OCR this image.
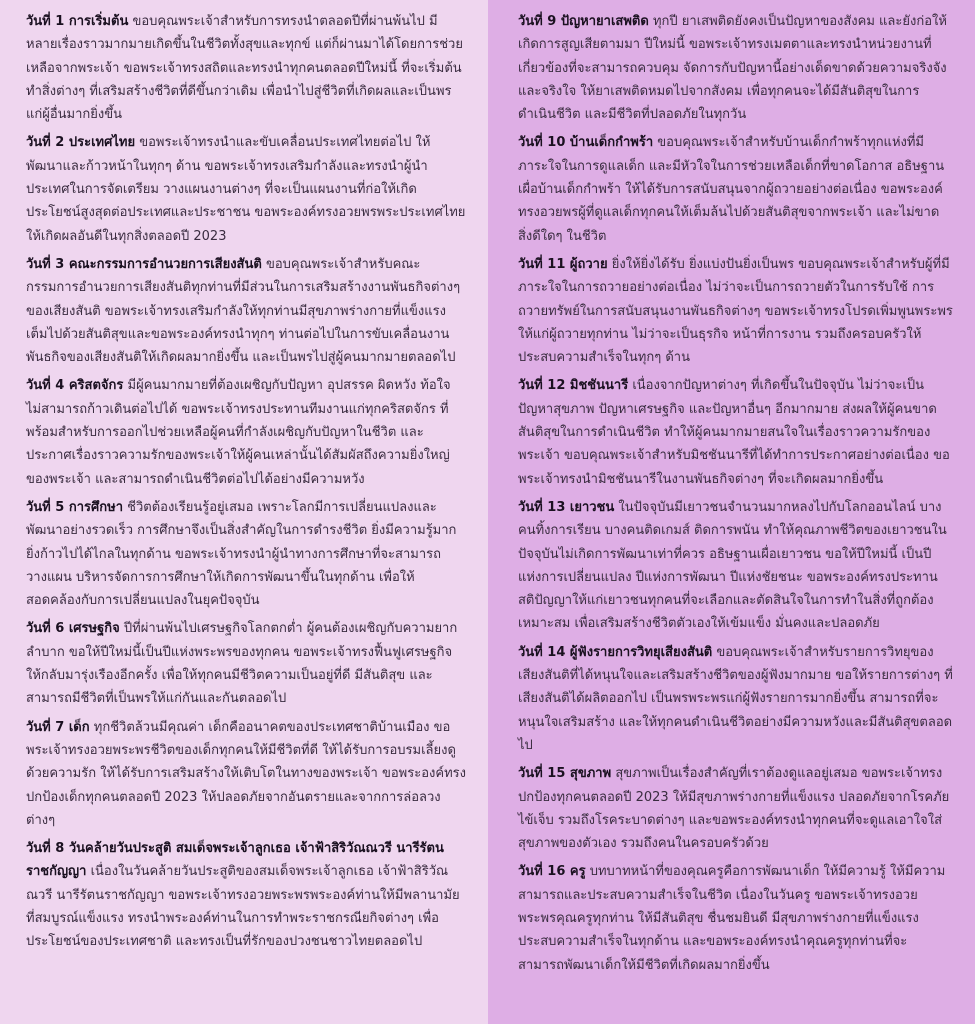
วันที่ 1 การเริ่มต้น ขอบคุณพระเจ้าสำหรับการทรงนำตลอดปีที่ผ่านพ้นไป มีหลายเรื่องราวมากมายเกิดขึ้นในชีวิตทั้งสุขและทุกข์ แต่ก็ผ่านมาได้โดยการช่วยเหลือจากพระเจ้า ขอพระเจ้าทรงสถิตและทรงนำทุกคนตลอดปีใหม่นี้ ที่จะเริ่มต้นทำสิ่งต่างๆ ที่เสริมสร้างชีวิตที่ดีขึ้นกว่าเดิม เพื่อนำไปสู่ชีวิตที่เกิดผลและเป็นพรแก่ผู้อื่นมากยิ่งขึ้น

วันที่ 2 ประเทศไทย ขอพระเจ้าทรงนำและขับเคลื่อนประเทศไทยต่อไป ให้พัฒนาและก้าวหน้าในทุกๆ ด้าน ขอพระเจ้าทรงเสริมกำลังและทรงนำผู้นำประเทศในการจัดเตรียม วางแผนงานต่างๆ ที่จะเป็นแผนงานที่ก่อให้เกิดประโยชน์สูงสุดต่อประเทศและประชาชน ขอพระองค์ทรงอวยพรพระประเทศไทยให้เกิดผลอันดีในทุกสิ่งตลอดปี 2023

วันที่ 3 คณะกรรมการอำนวยการเสียงสันติ ขอบคุณพระเจ้าสำหรับคณะกรรมการอำนวยการเสียงสันติทุกท่านที่มีส่วนในการเสริมสร้างงานพันธกิจต่างๆ ของเสียงสันติ ขอพระเจ้าทรงเสริมกำลังให้ทุกท่านมีสุขภาพร่างกายที่แข็งแรง เต็มไปด้วยสันติสุขและขอพระองค์ทรงนำทุกๆ ท่านต่อไปในการขับเคลื่อนงานพันธกิจของเสียงสันติให้เกิดผลมากยิ่งขึ้น และเป็นพรไปสู่ผู้คนมากมายตลอดไป

วันที่ 4 คริสตจักร มีผู้คนมากมายที่ต้องเผชิญกับปัญหา อุปสรรค ผิดหวัง ท้อใจ ไม่สามารถก้าวเดินต่อไปได้ ขอพระเจ้าทรงประทานทีมงานแก่ทุกคริสตจักร ที่พร้อมสำหรับการออกไปช่วยเหลือผู้คนที่กำลังเผชิญกับปัญหาในชีวิต และประกาศเรื่องราวความรักของพระเจ้าให้ผู้คนเหล่านั้นได้สัมผัสถึงความยิ่งใหญ่ของพระเจ้า และสามารถดำเนินชีวิตต่อไปได้อย่างมีความหวัง

วันที่ 5 การศึกษา ชีวิตต้องเรียนรู้อยู่เสมอ เพราะโลกมีการเปลี่ยนแปลงและพัฒนาอย่างรวดเร็ว การศึกษาจึงเป็นสิ่งสำคัญในการดำรงชีวิต ยิ่งมีความรู้มากยิ่งก้าวไปได้ไกลในทุกด้าน ขอพระเจ้าทรงนำผู้นำทางการศึกษาที่จะสามารถวางแผน บริหารจัดการการศึกษาให้เกิดการพัฒนาขึ้นในทุกด้าน เพื่อให้สอดคล้องกับการเปลี่ยนแปลงในยุคปัจจุบัน

วันที่ 6 เศรษฐกิจ ปีที่ผ่านพ้นไปเศรษฐกิจโลกตกต่ำ ผู้คนต้องเผชิญกับความยากลำบาก ขอให้ปีใหม่นี้เป็นปีแห่งพระพรของทุกคน ขอพระเจ้าทรงฟื้นฟูเศรษฐกิจให้กลับมารุ่งเรืองอีกครั้ง เพื่อให้ทุกคนมีชีวิตความเป็นอยู่ที่ดี มีสันติสุข และสามารถมีชีวิตที่เป็นพรให้แก่กันและกันตลอดไป

วันที่ 7 เด็ก ทุกชีวิตล้วนมีคุณค่า เด็กคืออนาคตของประเทศชาติบ้านเมือง ขอพระเจ้าทรงอวยพระพรชีวิตของเด็กทุกคนให้มีชีวิตที่ดี ให้ได้รับการอบรมเลี้ยงดู ด้วยความรัก ให้ได้รับการเสริมสร้างให้เติบโตในทางของพระเจ้า ขอพระองค์ทรงปกป้องเด็กทุกคนตลอดปี 2023 ให้ปลอดภัยจากอันตรายและจากการล่อลวงต่างๆ

วันที่ 8 วันคล้ายวันประสูติ สมเด็จพระเจ้าลูกเธอ เจ้าฟ้าสิริวัณณวรี นารีรัตนราชกัญญา เนื่องในวันคล้ายวันประสูติของสมเด็จพระเจ้าลูกเธอ เจ้าฟ้าสิริวัณณวรี นารีรัตนราชกัญญา ขอพระเจ้าทรงอวยพระพรพระองค์ท่านให้มีพลานามัยที่สมบูรณ์แข็งแรง ทรงนำพระองค์ท่านในการทำพระราชกรณียกิจต่างๆ เพื่อประโยชน์ของประเทศชาติ และทรงเป็นที่รักของปวงชนชาวไทยตลอดไป

วันที่ 9 ปัญหายาเสพติด ทุกปี ยาเสพติดยังคงเป็นปัญหาของสังคม และยังก่อให้เกิดการสูญเสียตามมา ปีใหม่นี้ ขอพระเจ้าทรงเมตตาและทรงนำหน่วยงานที่เกี่ยวข้องที่จะสามารถควบคุม จัดการกับปัญหานี้อย่างเด็ดขาดด้วยความจริงจังและจริงใจ ให้ยาเสพติดหมดไปจากสังคม เพื่อทุกคนจะได้มีสันติสุขในการดำเนินชีวิต และมีชีวิตที่ปลอดภัยในทุกวัน

วันที่ 10 บ้านเด็กกำพร้า ขอบคุณพระเจ้าสำหรับบ้านเด็กกำพร้าทุกแห่งที่มีภาระใจในการดูแลเด็ก และมีหัวใจในการช่วยเหลือเด็กที่ขาดโอกาส อธิษฐานเผื่อบ้านเด็กกำพร้า ให้ได้รับการสนับสนุนจากผู้ถวายอย่างต่อเนื่อง ขอพระองค์ทรงอวยพรผู้ที่ดูแลเด็กทุกคนให้เต็มล้นไปด้วยสันติสุขจากพระเจ้า และไม่ขาดสิ่งดีใดๆ ในชีวิต

วันที่ 11 ผู้ถวาย ยิ่งให้ยิ่งได้รับ ยิ่งแบ่งปันยิ่งเป็นพร ขอบคุณพระเจ้าสำหรับผู้ที่มีภาระใจในการถวายอย่างต่อเนื่อง ไม่ว่าจะเป็นการถวายตัวในการรับใช้ การถวายทรัพย์ในการสนับสนุนงานพันธกิจต่างๆ ขอพระเจ้าทรงโปรดเพิ่มพูนพระพรให้แก่ผู้ถวายทุกท่าน ไม่ว่าจะเป็นธุรกิจ หน้าที่การงาน รวมถึงครอบครัวให้ประสบความสำเร็จในทุกๆ ด้าน

วันที่ 12 มิชชันนารี เนื่องจากปัญหาต่างๆ ที่เกิดขึ้นในปัจจุบัน ไม่ว่าจะเป็นปัญหาสุขภาพ ปัญหาเศรษฐกิจ และปัญหาอื่นๆ อีกมากมาย ส่งผลให้ผู้คนขาดสันติสุขในการดำเนินชีวิต ทำให้ผู้คนมากมายสนใจในเรื่องราวความรักของพระเจ้า ขอบคุณพระเจ้าสำหรับมิชชันนารีที่ได้ทำการประกาศอย่างต่อเนื่อง ขอพระเจ้าทรงนำมิชชันนารีในงานพันธกิจต่างๆ ที่จะเกิดผลมากยิ่งขึ้น

วันที่ 13 เยาวชน ในปัจจุบันมีเยาวชนจำนวนมากหลงไปกับโลกออนไลน์ บางคนทิ้งการเรียน บางคนติดเกมส์ ติดการพนัน ทำให้คุณภาพชีวิตของเยาวชนในปัจจุบันไม่เกิดการพัฒนาเท่าที่ควร อธิษฐานเผื่อเยาวชน ขอให้ปีใหม่นี้ เป็นปีแห่งการเปลี่ยนแปลง ปีแห่งการพัฒนา ปีแห่งชัยชนะ ขอพระองค์ทรงประทานสติปัญญาให้แก่เยาวชนทุกคนที่จะเลือกและตัดสินใจในการทำในสิ่งที่ถูกต้องเหมาะสม เพื่อเสริมสร้างชีวิตตัวเองให้เข้มแข็ง มั่นคงและปลอดภัย

วันที่ 14 ผู้ฟังรายการวิทยุเสียงสันติ ขอบคุณพระเจ้าสำหรับรายการวิทยุของเสียงสันติที่ได้หนุนใจและเสริมสร้างชีวิตของผู้ฟังมากมาย ขอให้รายการต่างๆ ที่เสียงสันติได้ผลิตออกไป เป็นพรพระพรแก่ผู้ฟังรายการมากยิ่งขึ้น สามารถที่จะหนุนใจเสริมสร้าง และให้ทุกคนดำเนินชีวิตอย่างมีความหวังและมีสันติสุขตลอดไป

วันที่ 15 สุขภาพ สุขภาพเป็นเรื่องสำคัญที่เราต้องดูแลอยู่เสมอ ขอพระเจ้าทรงปกป้องทุกคนตลอดปี 2023 ให้มีสุขภาพร่างกายที่แข็งแรง ปลอดภัยจากโรคภัยไข้เจ็บ รวมถึงโรคระบาดต่างๆ และขอพระองค์ทรงนำทุกคนที่จะดูแลเอาใจใส่สุขภาพของตัวเอง รวมถึงคนในครอบครัวด้วย

วันที่ 16 ครู บทบาทหน้าที่ของคุณครูคือการพัฒนาเด็ก ให้มีความรู้ ให้มีความสามารถและประสบความสำเร็จในชีวิต เนื่องในวันครู ขอพระเจ้าทรงอวยพระพรคุณครูทุกท่าน ให้มีสันติสุข ชื่นชมยินดี มีสุขภาพร่างกายที่แข็งแรง ประสบความสำเร็จในทุกด้าน และขอพระองค์ทรงนำคุณครูทุกท่านที่จะสามารถพัฒนาเด็กให้มีชีวิตที่เกิดผลมากยิ่งขึ้น
